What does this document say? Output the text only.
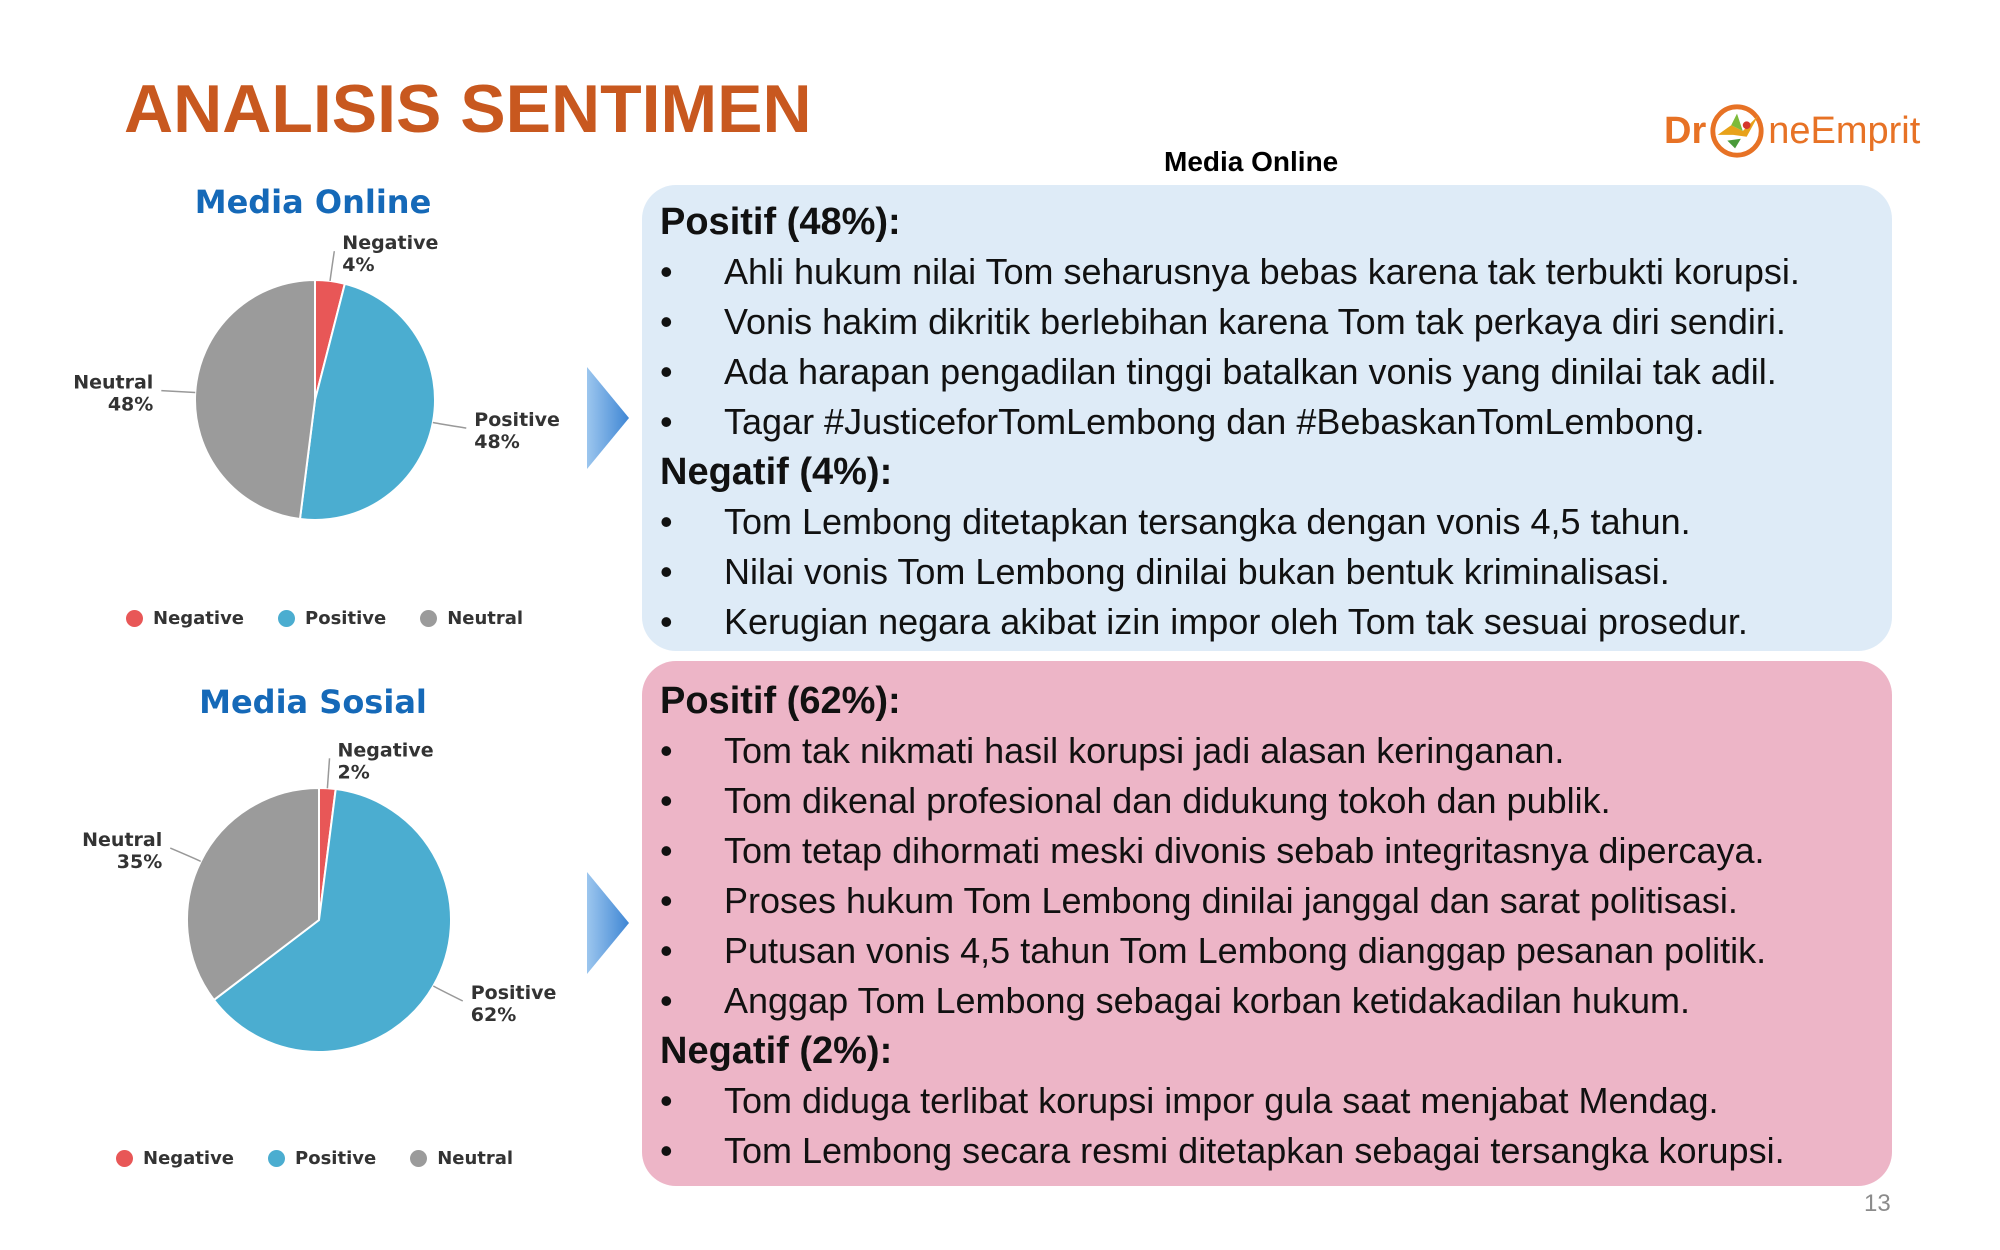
ANALISIS SENTIMEN	Dr neEmprit
Media Online
Media Online
Negative
4%
Positive
48%
Neutral
48%
Negative	Positive	Neutral
Media Sosial
Negative
2%
Positive
62%
Neutral
35%
Negative	Positive	Neutral
Positif (48%):
•	Ahli hukum nilai Tom seharusnya bebas karena tak terbukti korupsi.
•	Vonis hakim dikritik berlebihan karena Tom tak perkaya diri sendiri.
•	Ada harapan pengadilan tinggi batalkan vonis yang dinilai tak adil.
•	Tagar #JusticeforTomLembong dan #BebaskanTomLembong.
Negatif (4%):
•	Tom Lembong ditetapkan tersangka dengan vonis 4,5 tahun.
•	Nilai vonis Tom Lembong dinilai bukan bentuk kriminalisasi.
•	Kerugian negara akibat izin impor oleh Tom tak sesuai prosedur.
Positif (62%):
•	Tom tak nikmati hasil korupsi jadi alasan keringanan.
•	Tom dikenal profesional dan didukung tokoh dan publik.
•	Tom tetap dihormati meski divonis sebab integritasnya dipercaya.
•	Proses hukum Tom Lembong dinilai janggal dan sarat politisasi.
•	Putusan vonis 4,5 tahun Tom Lembong dianggap pesanan politik.
•	Anggap Tom Lembong sebagai korban ketidakadilan hukum.
Negatif (2%):
•	Tom diduga terlibat korupsi impor gula saat menjabat Mendag.
•	Tom Lembong secara resmi ditetapkan sebagai tersangka korupsi.
13
